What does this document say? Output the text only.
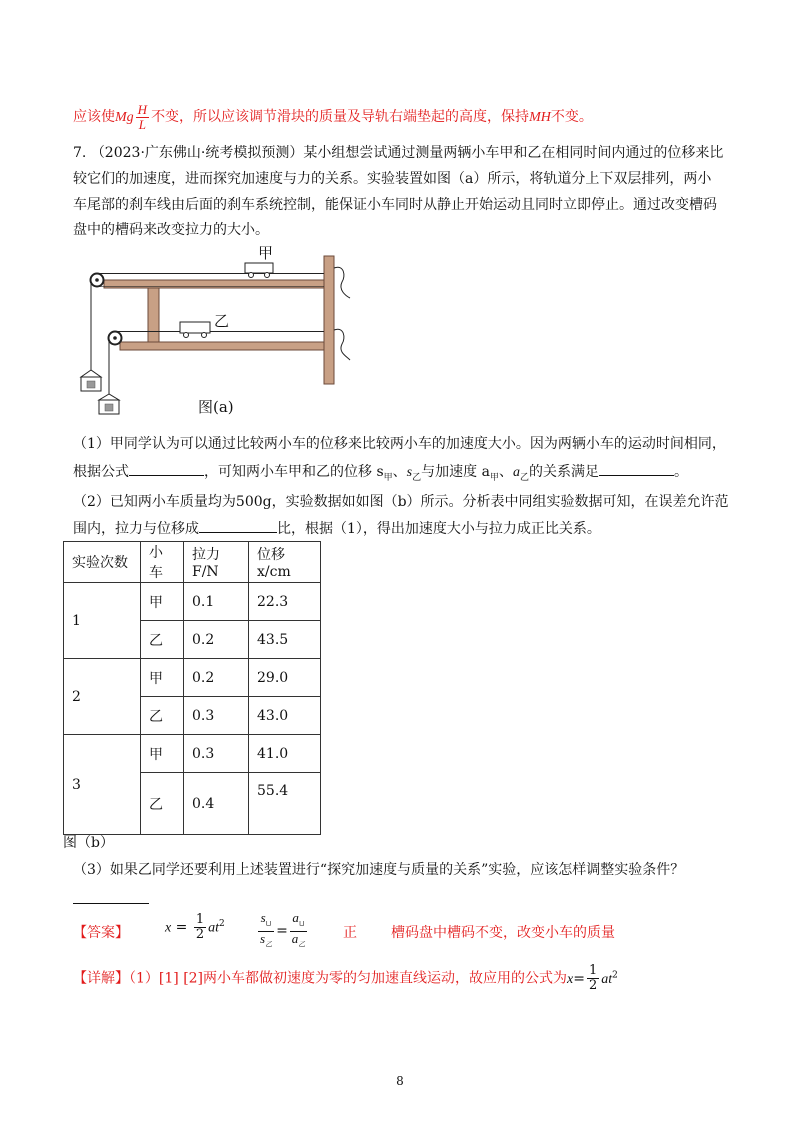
应该使Mg $\frac{H}{L}$ 不变，所以应该调节滑块的质量及导轨右端垫起的高度，保持MH不变。
7. （2023·广东佛山·统考模拟预测）某小组想尝试通过测量两辆小车甲和乙在相同时间内通过的位移来比
较它们的加速度，进而探究加速度与力的关系。实验装置如图（a）所示，将轨道分上下双层排列，两小
车尾部的刹车线由后面的刹车系统控制，能保证小车同时从静止开始运动且同时立即停止。通过改变槽码
盘中的槽码来改变拉力的大小。
甲
乙
图(a)
（1）甲同学认为可以通过比较两小车的位移来比较两小车的加速度大小。因为两辆小车的运动时间相同，
根据公式	，可知两小车甲和乙的位移 $s_甲$、$s_乙$与加速度 $a_甲$、$a_乙$的关系满足	。
（2）已知两小车质量均为500g，实验数据如如图（b）所示。分析表中同组实验数据可知，在误差允许范
围内，拉力与位移成	比，根据（1），得出加速度大小与拉力成正比关系。
实验次数	小车	拉力 F/N	位移 x/cm
1	甲	0.1	22.3
	乙	0.2	43.5
2	甲	0.2	29.0
	乙	0.3	43.0
3	甲	0.3	41.0
	乙	0.4	55.4
图（b）
（3）如果乙同学还要利用上述装置进行“探究加速度与质量的关系”实验，应该怎样调整实验条件？
【答案】	$x = \frac{1}{2} at^2$	$\frac{s_⊔}{s_乙} = \frac{a_⊔}{a_乙}$	正 槽码盘中槽码不变，改变小车的质量
【详解】（1）[1] [2]两小车都做初速度为零的匀加速直线运动，故应用的公式为$x= \frac{1}{2} at^2$
8
